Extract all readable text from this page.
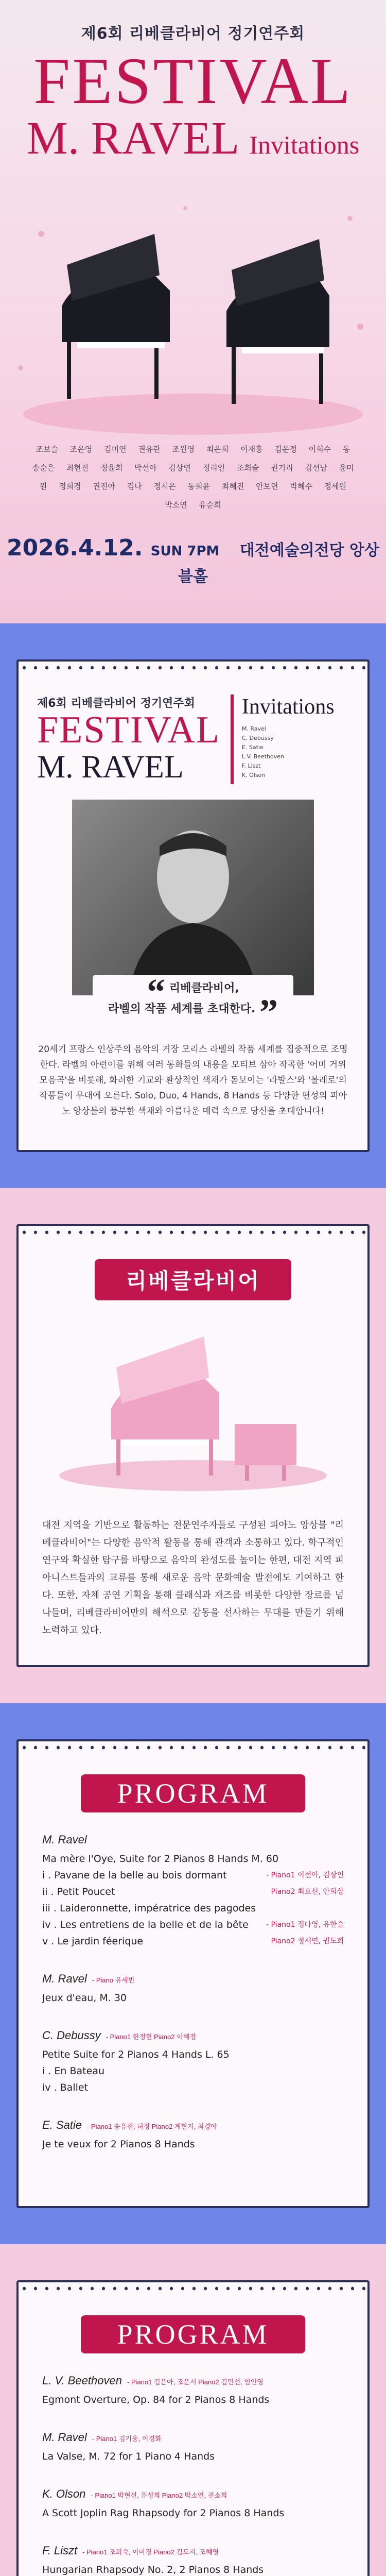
제6회 리베클라비어 정기연주회
FESTIVAL
M. RAVEL Invitations
조보슬 조은영 김미연 권유란 조원영 최은희 이재홍 김운정 이희수 동 송순은 최현진 정윤희 박선아 김상연 정리인 조희슬 권기리 김선남 윤미원 정희경 권진아 김나 정시은 동희윤 최혜진 안보련 박혜수 정세원 박소연 유순희
2026.4.12. SUN 7PM 대전예술의전당 앙상블홀
제6회 리베클라비어 정기연주회
FESTIVAL
M. RAVEL
Invitations
M. Ravel
C. Debussy
E. Satie
L.V. Beethoven
F. Liszt
K. Olson
“ 리베클라비어,
라벨의 작품 세계를 초대한다. ”

20세기 프랑스 인상주의 음악의 거장 모리스 라벨의 작품 세계를 집중적으로 조명한다. 라벨의 아런이를 위해 여러 동화들의 내용을 모티브 삼아 작곡한 '어미 거위 모음곡'을 비롯해, 화려한 기교와 환상적인 색채가 돋보이는 '라발스'와 '볼레로'의 작품들이 무대에 오른다. Solo, Duo, 4 Hands, 8 Hands 등 다양한 편성의 피아노 앙상블의 풍부한 색채와 아름다운 매력 속으로 당신을 초대합니다!

리베클라비어

대전 지역을 기반으로 활동하는 전문연주자들로 구성된 피아노 앙상블 "리베클라비어"는 다양한 음악적 활동을 통해 관객과 소통하고 있다. 학구적인 연구와 확실한 탐구를 바탕으로 음악의 완성도를 높이는 한편, 대전 지역 피아니스트들과의 교류를 통해 새로운 음악 문화예술 발전에도 기여하고 한다. 또한, 자체 공연 기획을 통해 클래식과 재즈를 비롯한 다양한 장르를 넘나들며, 리베클라비어만의 해석으로 감동을 선사하는 무대를 만들기 위해 노력하고 있다.

PROGRAM
M. Ravel
Ma mère l'Oye, Suite for 2 Pianos 8 Hands M. 60
i . Pavane de la belle au bois dormant	- Piano1 이선아, 김상인
ii . Petit Poucet	Piano2 최효선, 안희상
iii . Laideronnette, impératrice des pagodes
iv . Les entretiens de la belle et de la bête	- Piano1 정다영, 유한슬
v . Le jardin féerique	Piano2 정서연, 권도희
M. Ravel - Piano 유세빈
Jeux d'eau, M. 30
C. Debussy - Piano1 한정현 Piano2 이혜정
Petite Suite for 2 Pianos 4 Hands L. 65
i . En Bateau
iv . Ballet
E. Satie - Piano1 송유진, 허정 Piano2 계현지, 최경아
Je te veux for 2 Pianos 8 Hands
PROGRAM
L. V. Beethoven - Piano1 김은아, 조은서 Piano2 김민선, 임인영
Egmont Overture, Op. 84 for 2 Pianos 8 Hands
M. Ravel - Piano1 김기웅, 이경화
La Valse, M. 72 for 1 Piano 4 Hands
K. Olson - Piano1 박현선, 유성희 Piano2 박소연, 권소희
A Scott Joplin Rag Rhapsody for 2 Pianos 8 Hands
F. Liszt - Piano1 조희숙, 이미경 Piano2 김도지, 조혜영
Hungarian Rhapsody No. 2, 2 Pianos 8 Hands
